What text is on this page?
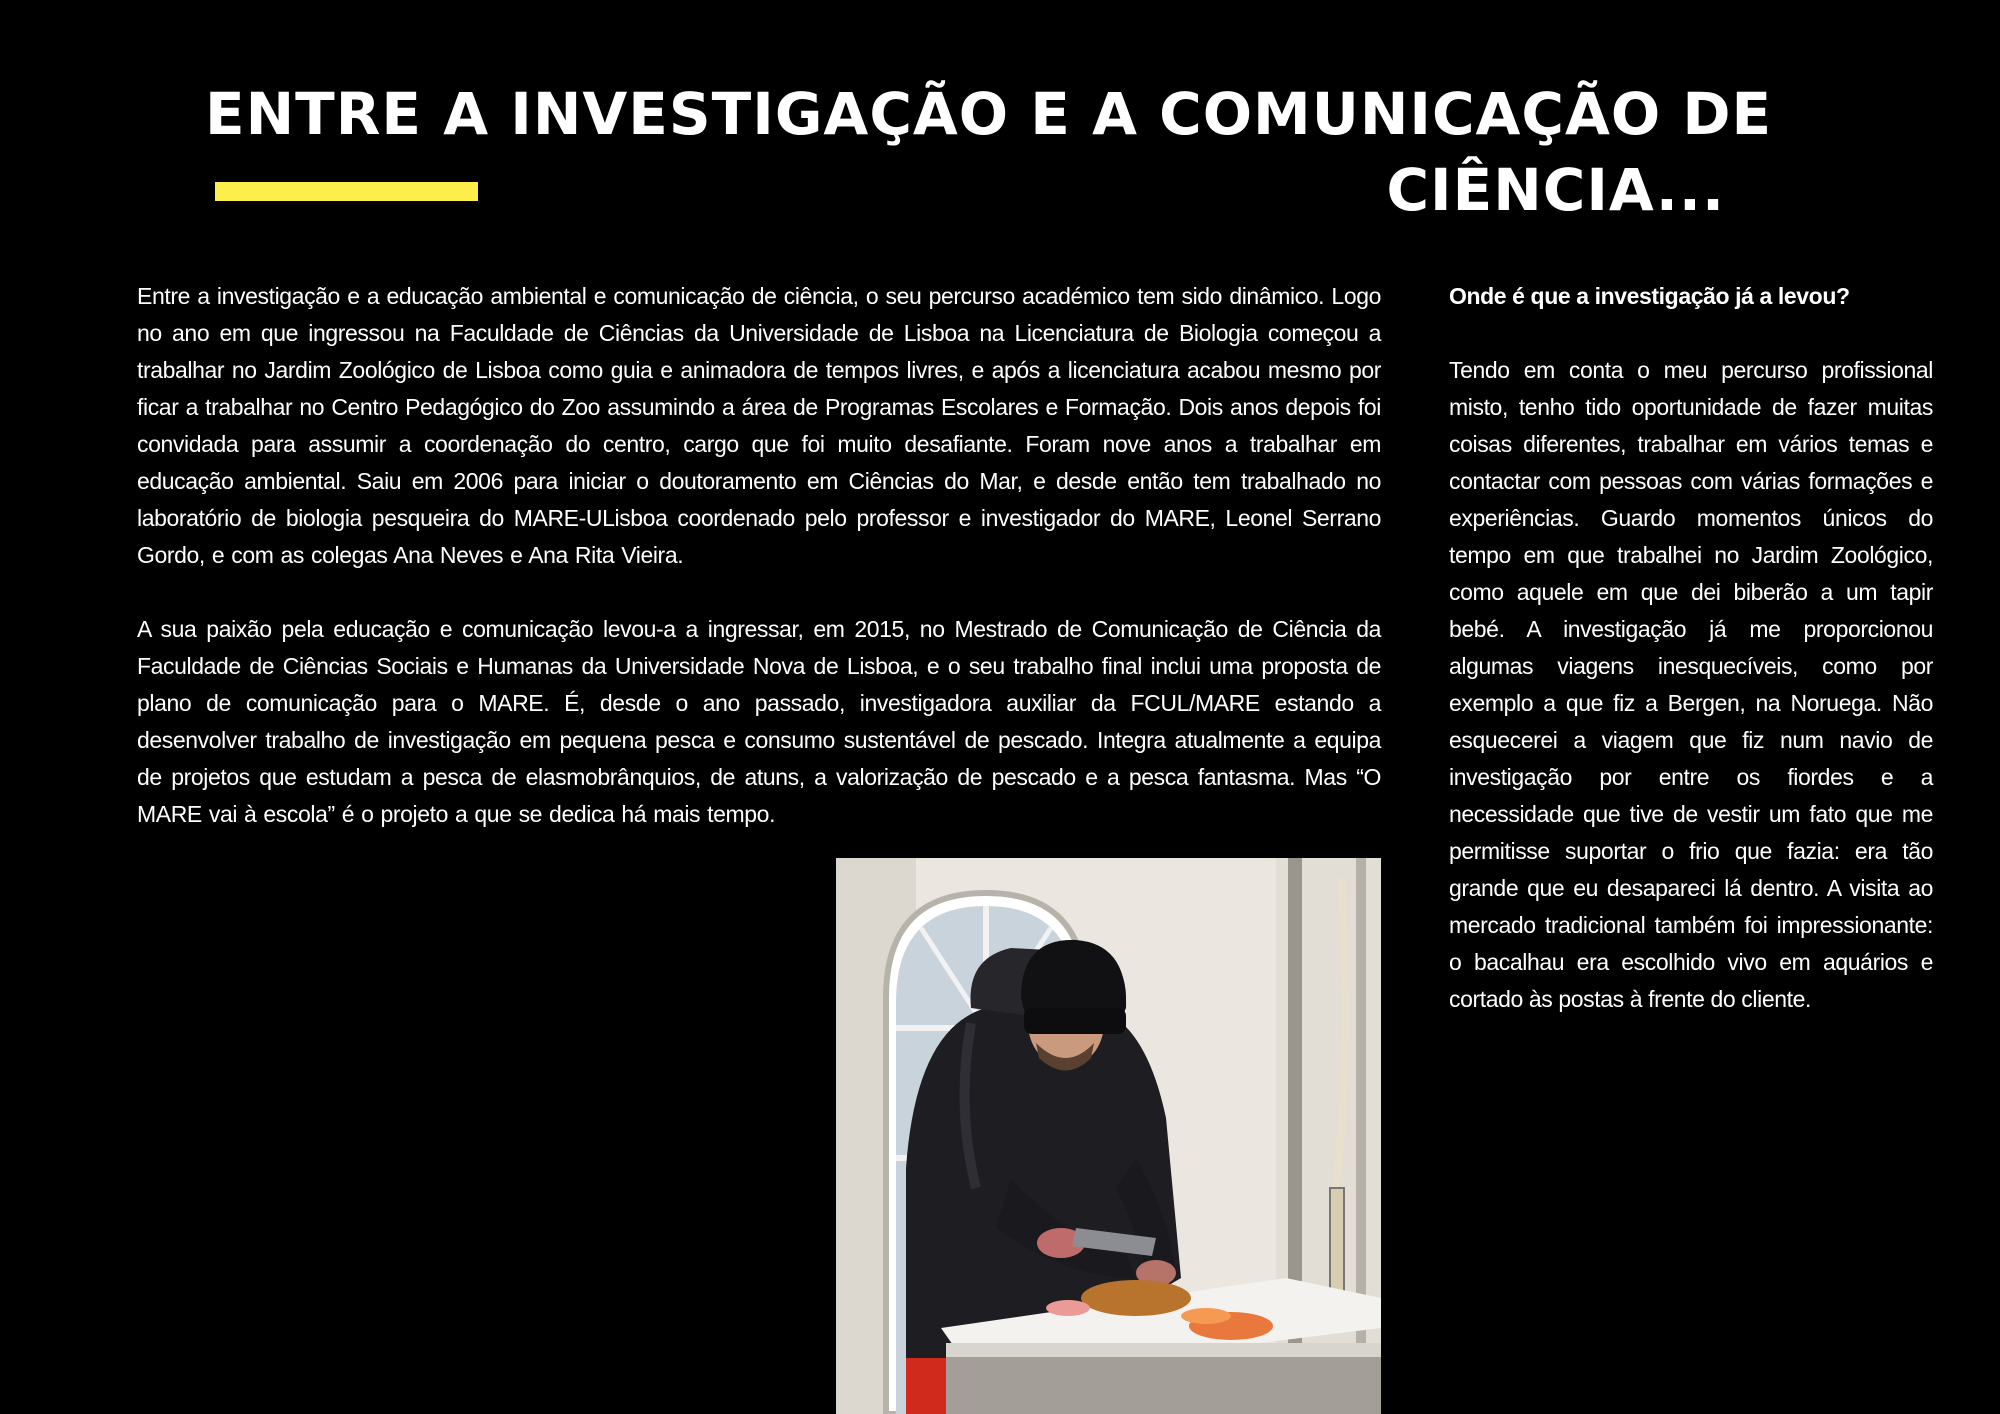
ENTRE A INVESTIGAÇÃO E A COMUNICAÇÃO DE
CIÊNCIA...

Entre a investigação e a educação ambiental e comunicação de ciência, o seu percurso académico tem sido dinâmico. Logo no ano em que ingressou na Faculdade de Ciências da Universidade de Lisboa na Licenciatura de Biologia começou a trabalhar no Jardim Zoológico de Lisboa como guia e animadora de tempos livres, e após a licenciatura acabou mesmo por ficar a trabalhar no Centro Pedagógico do Zoo assumindo a área de Programas Escolares e Formação. Dois anos depois foi convidada para assumir a coordenação do centro, cargo que foi muito desafiante. Foram nove anos a trabalhar em educação ambiental. Saiu em 2006 para iniciar o doutoramento em Ciências do Mar, e desde então tem trabalhado no laboratório de biologia pesqueira do MARE-ULisboa coordenado pelo professor e investigador do MARE, Leonel Serrano Gordo, e com as colegas Ana Neves e Ana Rita Vieira.

A sua paixão pela educação e comunicação levou-a a ingressar, em 2015, no Mestrado de Comunicação de Ciência da Faculdade de Ciências Sociais e Humanas da Universidade Nova de Lisboa, e o seu trabalho final inclui uma proposta de plano de comunicação para o MARE. É, desde o ano passado, investigadora auxiliar da FCUL/MARE estando a desenvolver trabalho de investigação em pequena pesca e consumo sustentável de pescado. Integra atualmente a equipa de projetos que estudam a pesca de elasmobrânquios, de atuns, a valorização de pescado e a pesca fantasma. Mas “O MARE vai à escola” é o projeto a que se dedica há mais tempo.

Onde é que a investigação já a levou?

Tendo em conta o meu percurso profissional misto, tenho tido oportunidade de fazer muitas coisas diferentes, trabalhar em vários temas e contactar com pessoas com várias formações e experiências. Guardo momentos únicos do tempo em que trabalhei no Jardim Zoológico, como aquele em que dei biberão a um tapir bebé. A investigação já me proporcionou algumas viagens inesquecíveis, como por exemplo a que fiz a Bergen, na Noruega. Não esquecerei a viagem que fiz num navio de investigação por entre os fiordes e a necessidade que tive de vestir um fato que me permitisse suportar o frio que fazia: era tão grande que eu desapareci lá dentro. A visita ao mercado tradicional também foi impressionante: o bacalhau era escolhido vivo em aquários e cortado às postas à frente do cliente.
